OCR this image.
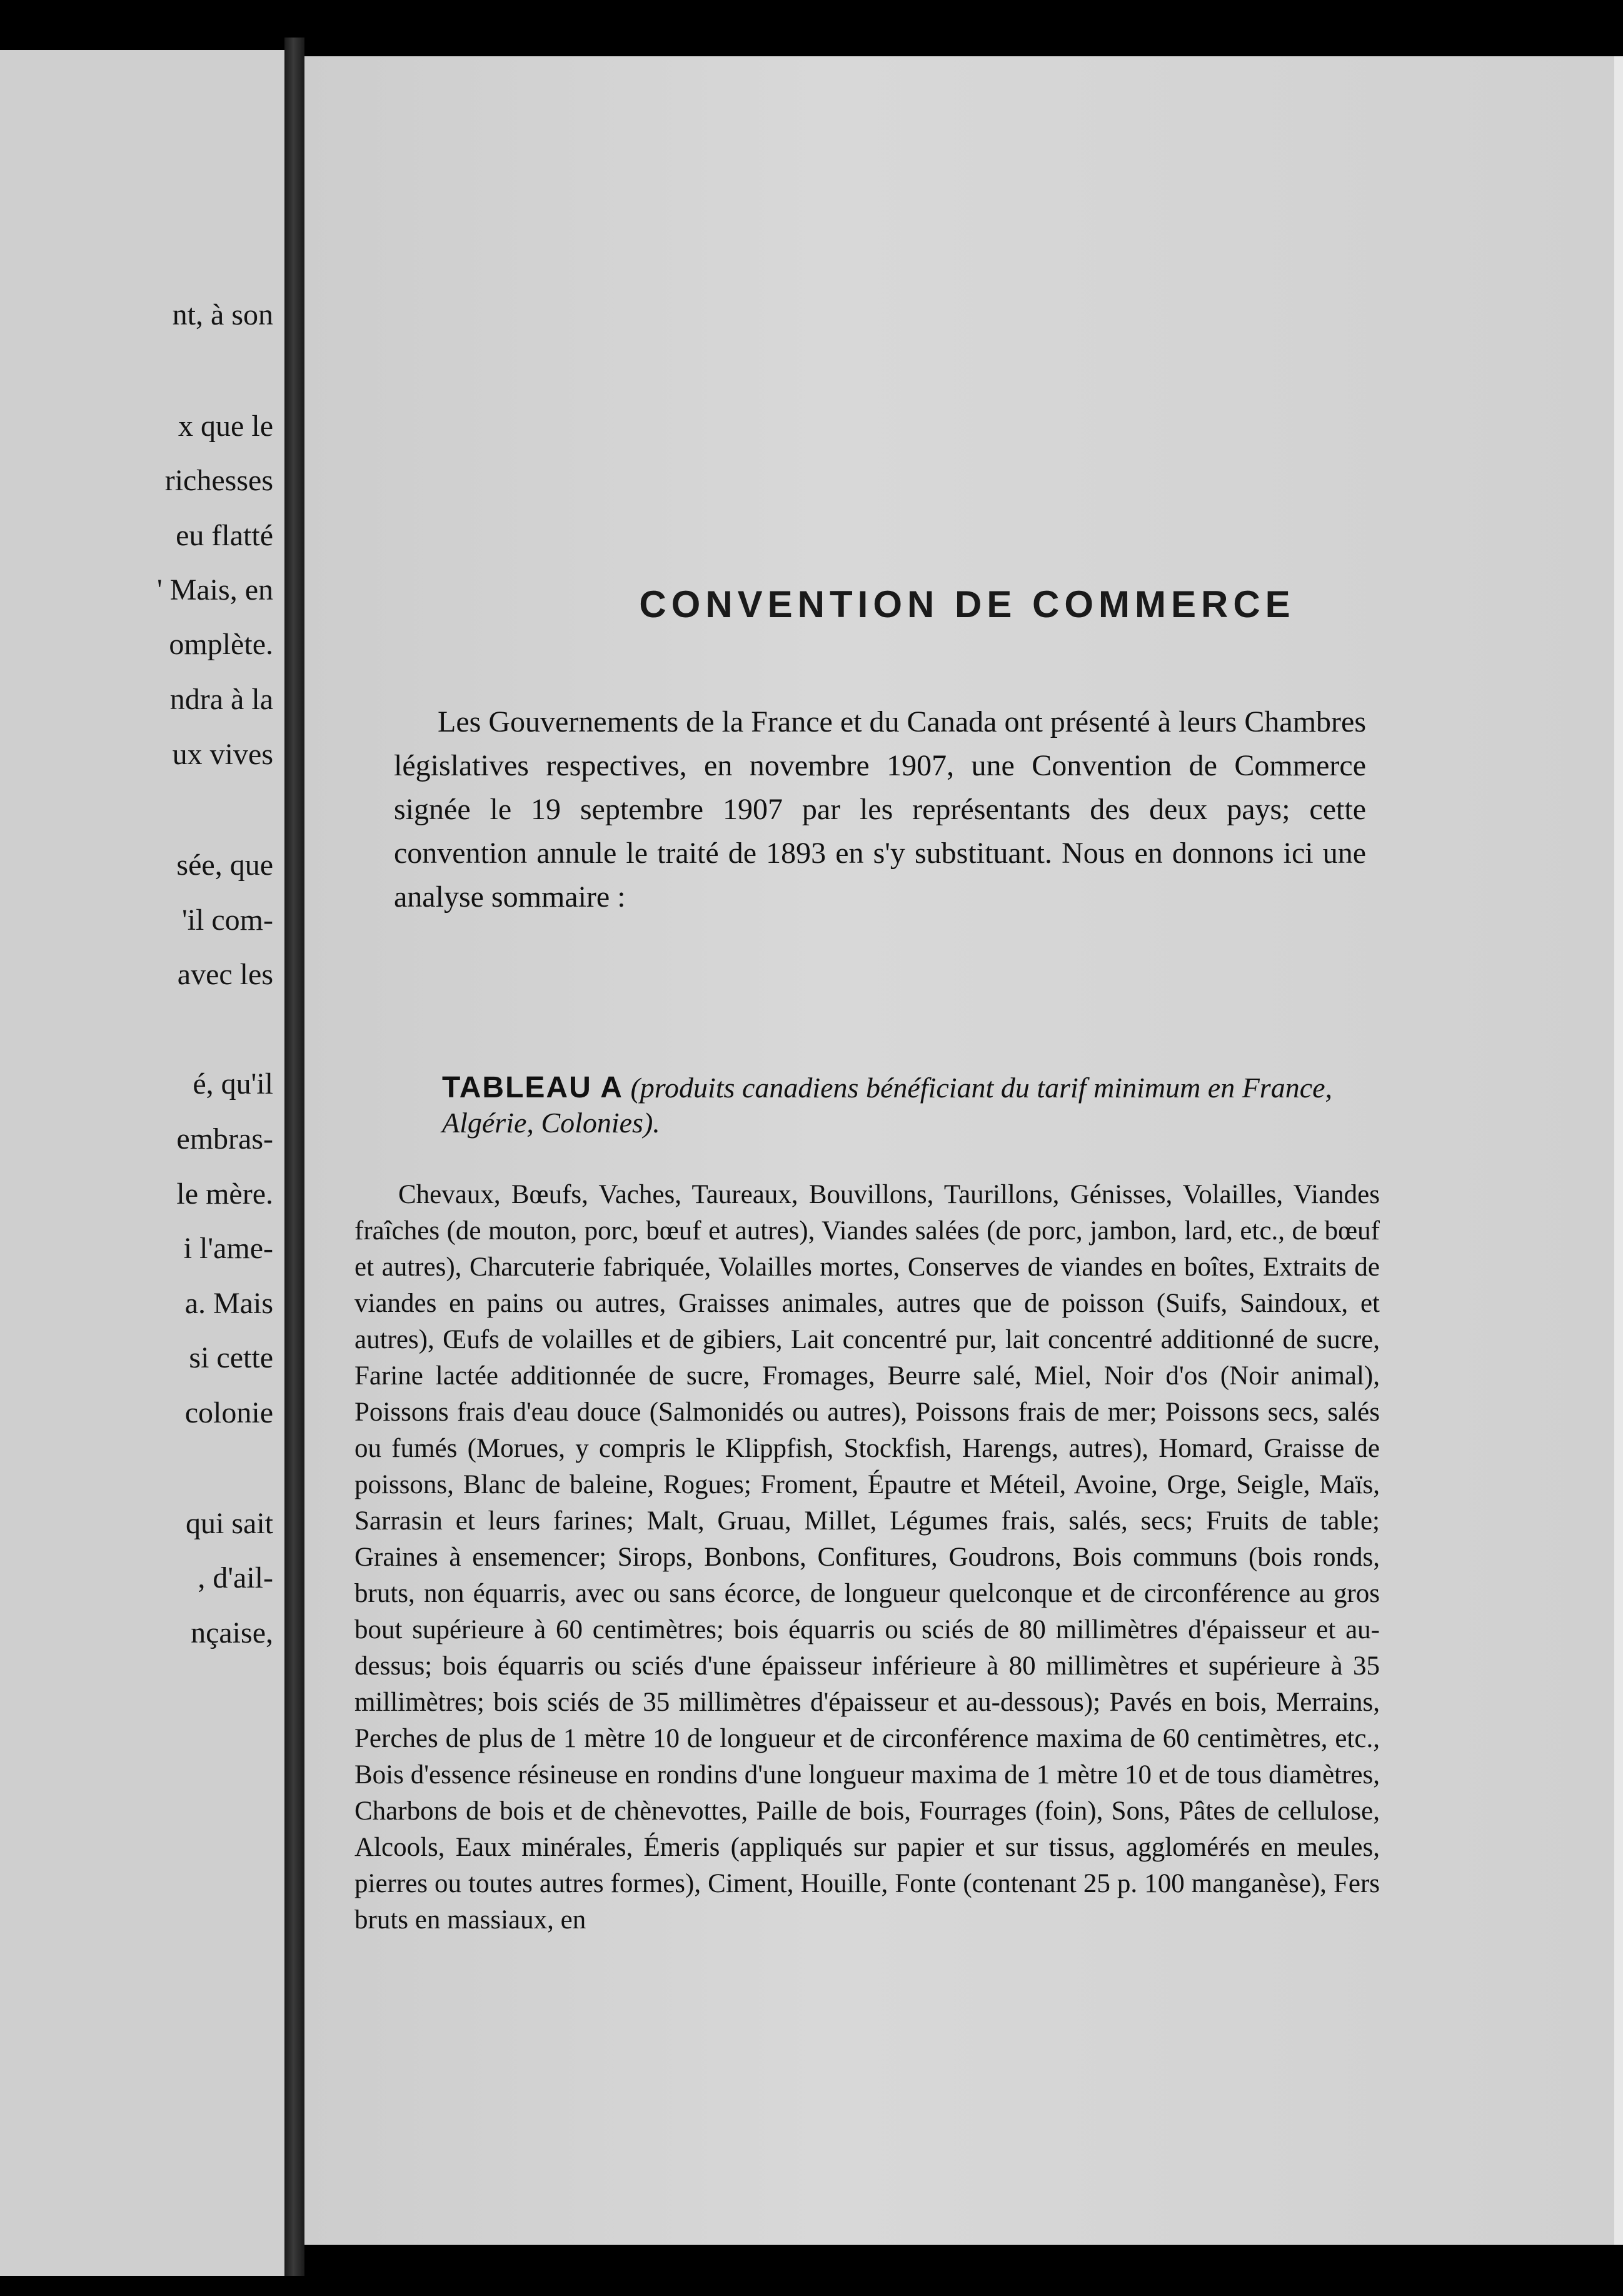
nt, à son
x que le
richesses
eu flatté
' Mais, en
omplète.
ndra à la
ux vives
sée, que
'il com-
avec les
é, qu'il
embras-
le mère.
i l'ame-
a. Mais
si cette
colonie
qui sait
, d'ail-
nçaise,
CONVENTION DE COMMERCE

Les Gouvernements de la France et du Canada ont présenté à leurs Chambres législatives respectives, en novembre 1907, une Convention de Commerce signée le 19 septembre 1907 par les représentants des deux pays; cette convention annule le traité de 1893 en s'y substituant. Nous en donnons ici une analyse sommaire :

TABLEAU A (produits canadiens bénéficiant du tarif minimum en France, Algérie, Colonies).

Chevaux, Bœufs, Vaches, Taureaux, Bouvillons, Taurillons, Génisses, Volailles, Viandes fraîches (de mouton, porc, bœuf et autres), Viandes salées (de porc, jambon, lard, etc., de bœuf et autres), Charcuterie fabriquée, Volailles mortes, Conserves de viandes en boîtes, Extraits de viandes en pains ou autres, Graisses animales, autres que de poisson (Suifs, Saindoux, et autres), Œufs de volailles et de gibiers, Lait concentré pur, lait concentré additionné de sucre, Farine lactée additionnée de sucre, Fromages, Beurre salé, Miel, Noir d'os (Noir animal), Poissons frais d'eau douce (Salmonidés ou autres), Poissons frais de mer; Poissons secs, salés ou fumés (Morues, y compris le Klippfish, Stockfish, Harengs, autres), Homard, Graisse de poissons, Blanc de baleine, Rogues; Froment, Épautre et Méteil, Avoine, Orge, Seigle, Maïs, Sarrasin et leurs farines; Malt, Gruau, Millet, Légumes frais, salés, secs; Fruits de table; Graines à ensemencer; Sirops, Bonbons, Confitures, Goudrons, Bois communs (bois ronds, bruts, non équarris, avec ou sans écorce, de longueur quelconque et de circonférence au gros bout supérieure à 60 centimètres; bois équarris ou sciés de 80 millimètres d'épaisseur et au-dessus; bois équarris ou sciés d'une épaisseur inférieure à 80 millimètres et supérieure à 35 millimètres; bois sciés de 35 millimètres d'épaisseur et au-dessous); Pavés en bois, Merrains, Perches de plus de 1 mètre 10 de longueur et de circonférence maxima de 60 centimètres, etc., Bois d'essence résineuse en rondins d'une longueur maxima de 1 mètre 10 et de tous diamètres, Charbons de bois et de chènevottes, Paille de bois, Fourrages (foin), Sons, Pâtes de cellulose, Alcools, Eaux minérales, Émeris (appliqués sur papier et sur tissus, agglomérés en meules, pierres ou toutes autres formes), Ciment, Houille, Fonte (contenant 25 p. 100 manganèse), Fers bruts en massiaux, en
